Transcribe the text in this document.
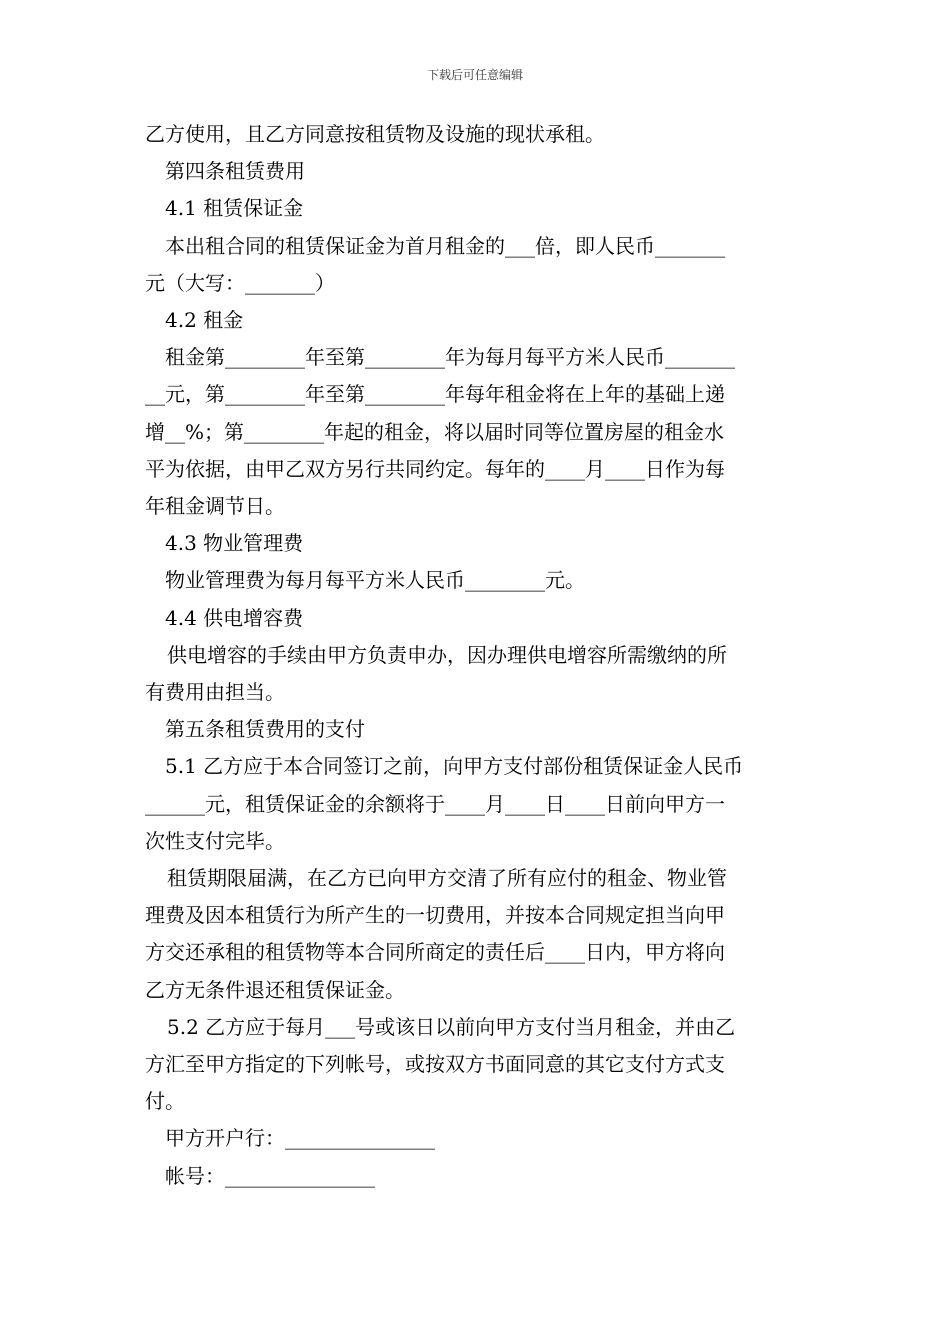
下载后可任意编辑
乙方使用，且乙方同意按租赁物及设施的现状承租。
第四条租赁费用
4.1 租赁保证金
本出租合同的租赁保证金为首月租金的___倍，即人民币_______
元（大写：_______）
4.2 租金
租金第________年至第________年为每月每平方米人民币_______
__元，第________年至第________年每年租金将在上年的基础上递
增__%；第________年起的租金，将以届时同等位置房屋的租金水
平为依据，由甲乙双方另行共同约定。每年的____月____日作为每
年租金调节日。
4.3 物业管理费
物业管理费为每月每平方米人民币________元。
4.4 供电增容费
供电增容的手续由甲方负责申办，因办理供电增容所需缴纳的所
有费用由担当。
第五条租赁费用的支付
5.1 乙方应于本合同签订之前，向甲方支付部份租赁保证金人民币
______元，租赁保证金的余额将于____月____日____日前向甲方一
次性支付完毕。
租赁期限届满，在乙方已向甲方交清了所有应付的租金、物业管
理费及因本租赁行为所产生的一切费用，并按本合同规定担当向甲
方交还承租的租赁物等本合同所商定的责任后____日内，甲方将向
乙方无条件退还租赁保证金。
5.2 乙方应于每月___号或该日以前向甲方支付当月租金，并由乙
方汇至甲方指定的下列帐号，或按双方书面同意的其它支付方式支
付。
甲方开户行：_______________
帐号：_______________
